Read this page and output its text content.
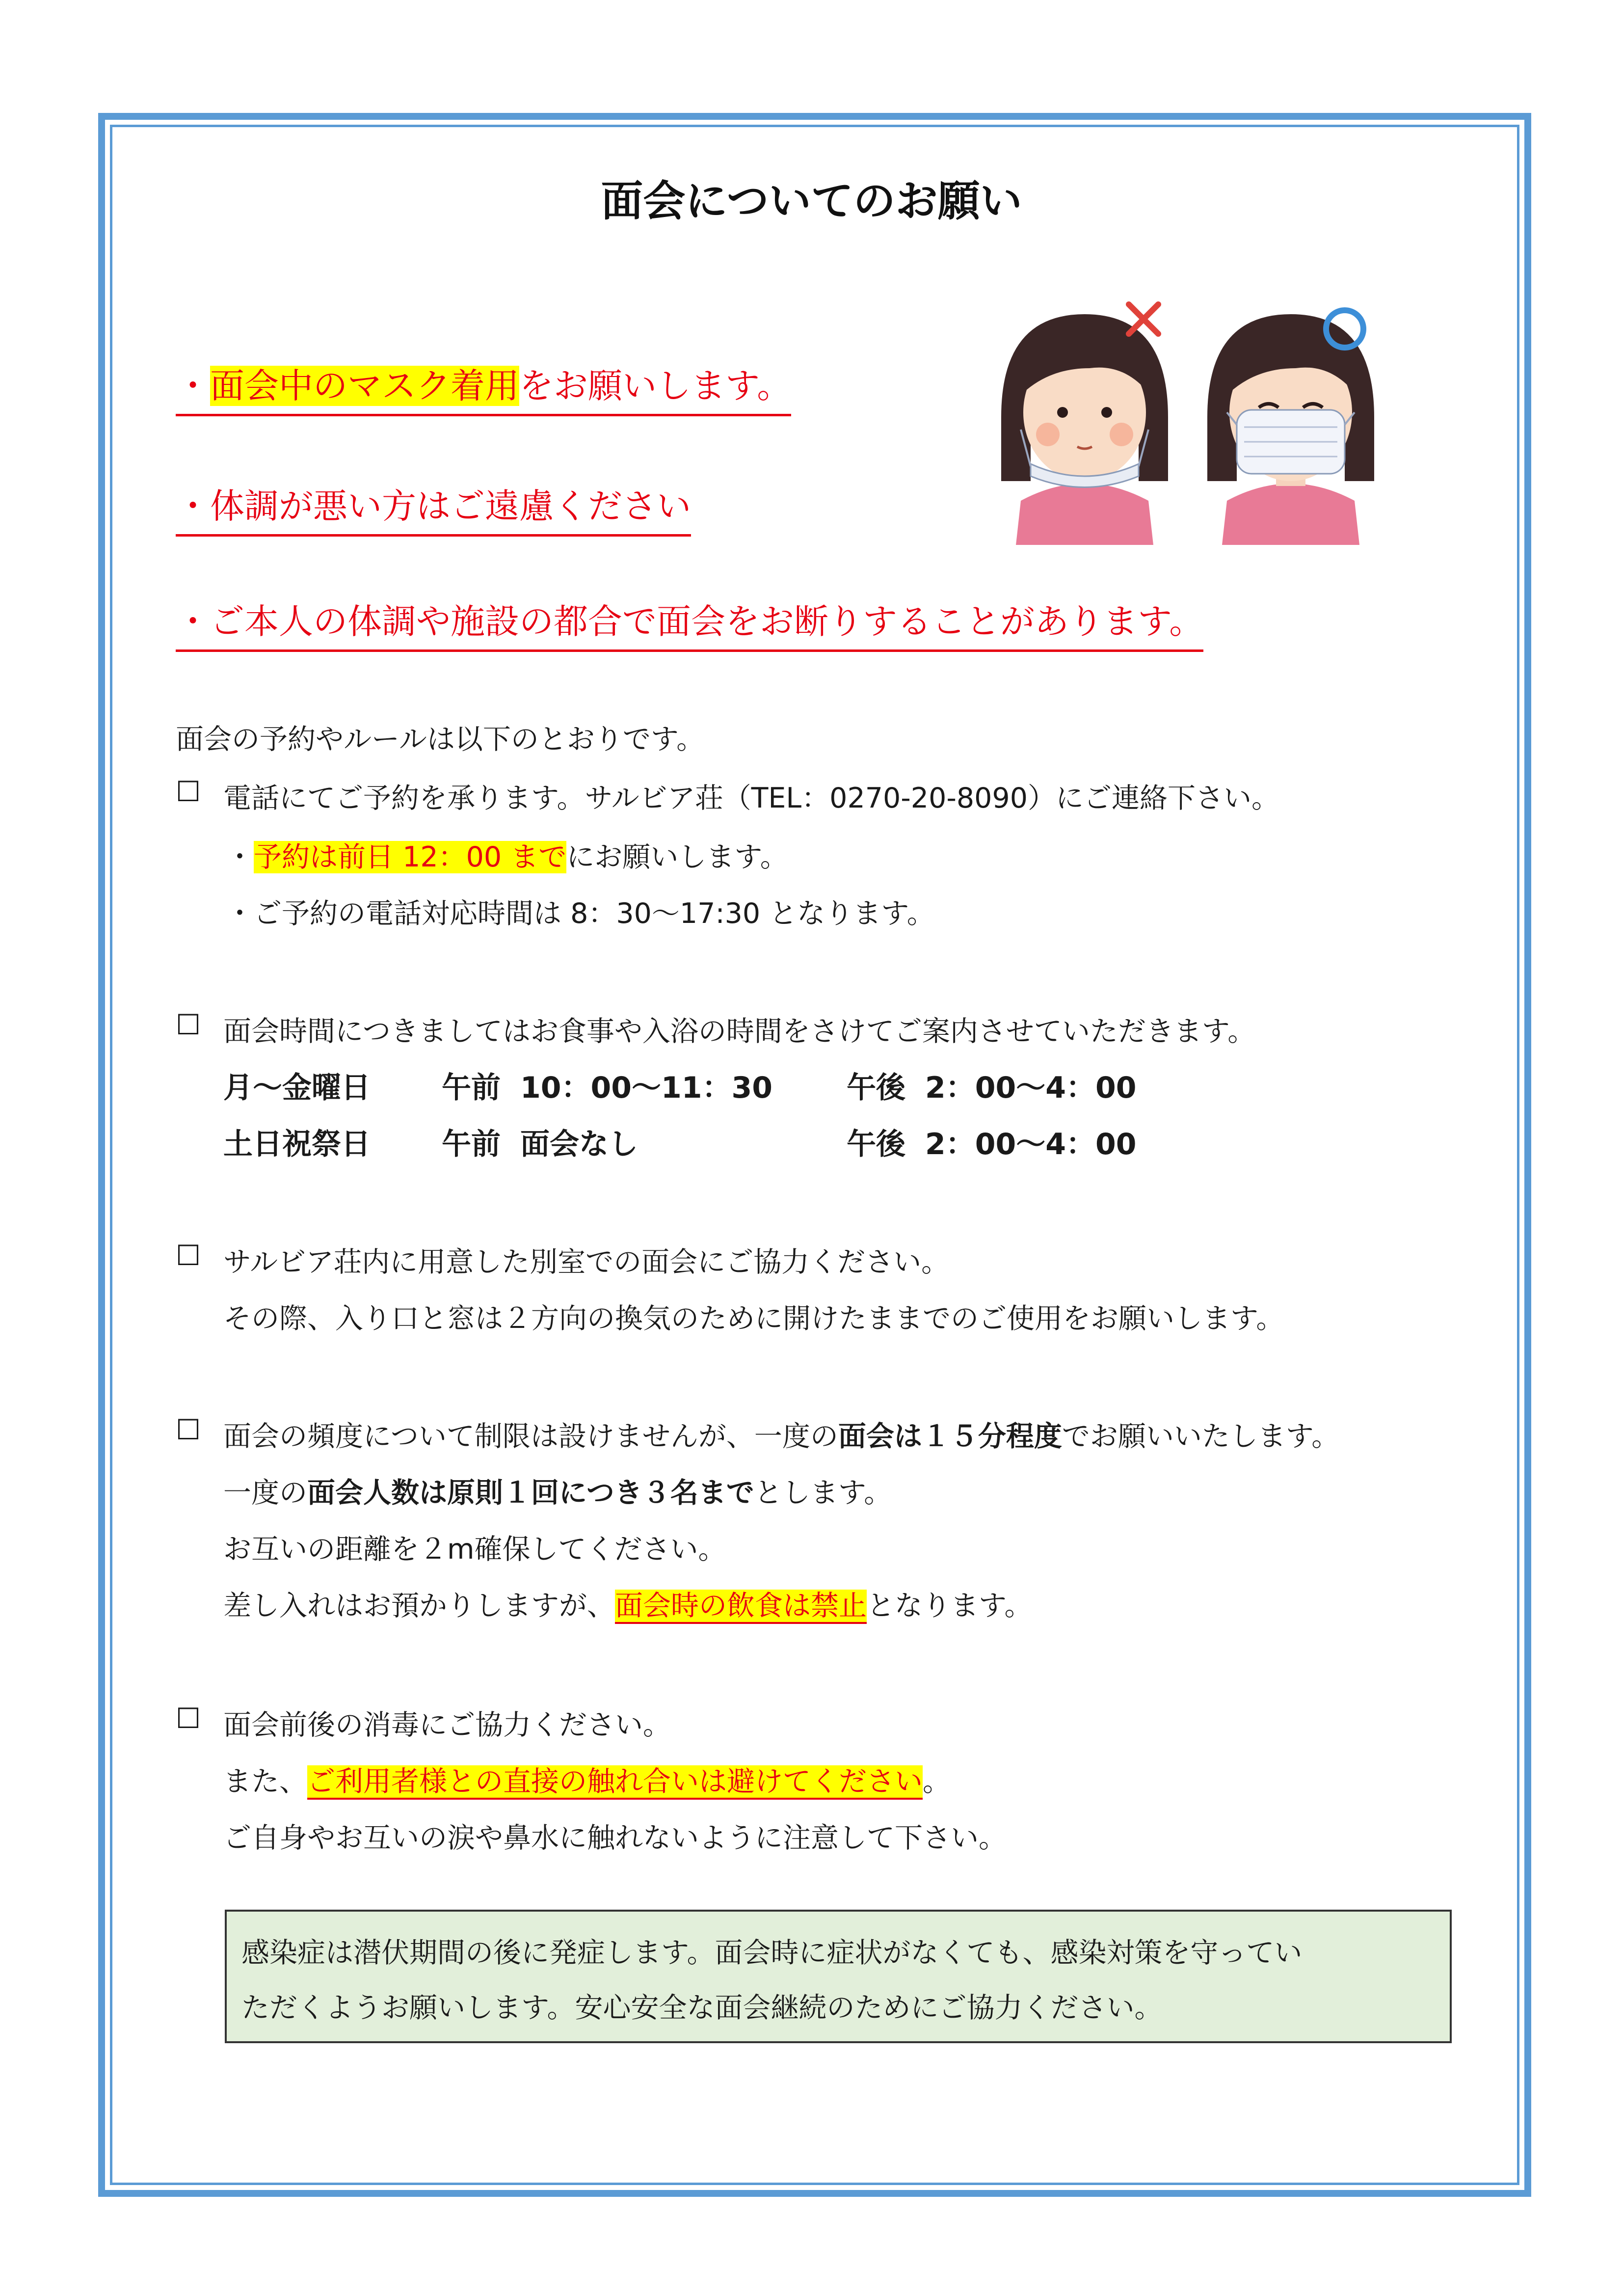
面会についてのお願い
・面会中のマスク着用をお願いします。
・体調が悪い方はご遠慮ください
・ご本人の体調や施設の都合で面会をお断りすることがあります。
面会の予約やルールは以下のとおりです。
☐ 電話にてご予約を承ります。サルビア荘（TEL：0270-20-8090）にご連絡下さい。
・予約は前日 12：00 までにお願いします。
・ご予約の電話対応時間は 8：30～17:30 となります。
☐ 面会時間につきましてはお食事や入浴の時間をさけてご案内させていただきます。
月～金曜日 午前 10：00～11：30	午後 2：00～4：00
土日祝祭日 午前 面会なし	午後 2：00～4：00
☐ サルビア荘内に用意した別室での面会にご協力ください。
その際、入り口と窓は２方向の換気のために開けたままでのご使用をお願いします。
☐ 面会の頻度について制限は設けませんが、一度の面会は１５分程度でお願いいたします。
一度の面会人数は原則１回につき３名までとします。
お互いの距離を２m確保してください。
差し入れはお預かりしますが、面会時の飲食は禁止となります。
☐ 面会前後の消毒にご協力ください。
また、ご利用者様との直接の触れ合いは避けてください。
ご自身やお互いの涙や鼻水に触れないように注意して下さい。
感染症は潜伏期間の後に発症します。面会時に症状がなくても、感染対策を守ってい
ただくようお願いします。安心安全な面会継続のためにご協力ください。
